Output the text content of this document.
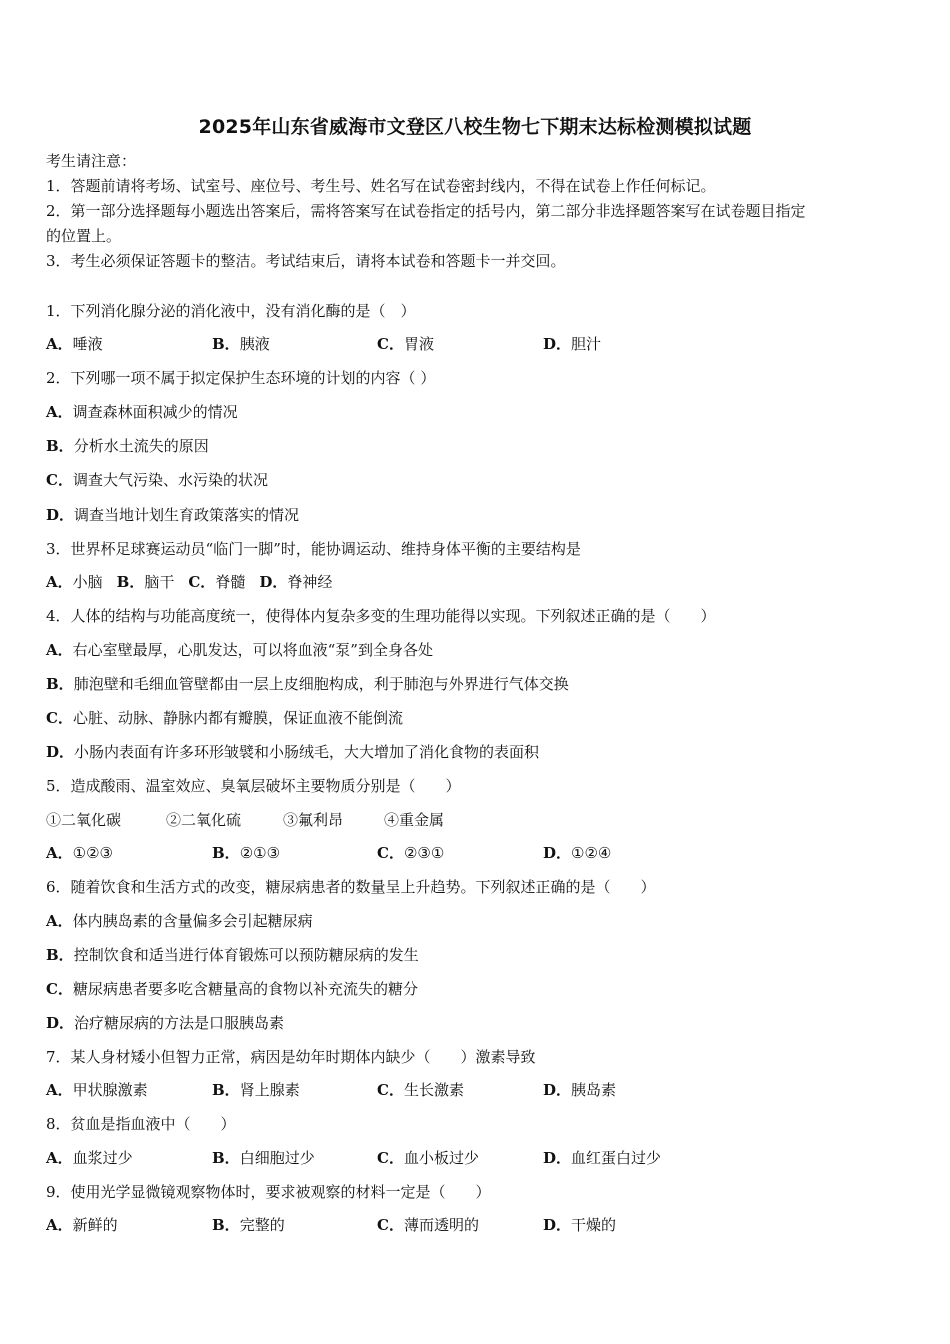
2025年山东省威海市文登区八校生物七下期末达标检测模拟试题
考生请注意：
1．答题前请将考场、试室号、座位号、考生号、姓名写在试卷密封线内，不得在试卷上作任何标记。
2．第一部分选择题每小题选出答案后，需将答案写在试卷指定的括号内，第二部分非选择题答案写在试卷题目指定
的位置上。
3．考生必须保证答题卡的整洁。考试结束后，请将本试卷和答题卡一并交回。
1．下列消化腺分泌的消化液中，没有消化酶的是（　）
A．唾液	B．胰液	C．胃液	D．胆汁
2．下列哪一项不属于拟定保护生态环境的计划的内容（ ）
A．调查森林面积减少的情况
B．分析水土流失的原因
C．调查大气污染、水污染的状况
D．调查当地计划生育政策落实的情况
3．世界杯足球赛运动员“临门一脚”时，能协调运动、维持身体平衡的主要结构是
A．小脑 B．脑干 C．脊髓 D．脊神经
4．人体的结构与功能高度统一，使得体内复杂多变的生理功能得以实现。下列叙述正确的是（　　）
A．右心室壁最厚，心肌发达，可以将血液“泵”到全身各处
B．肺泡壁和毛细血管壁都由一层上皮细胞构成，利于肺泡与外界进行气体交换
C．心脏、动脉、静脉内都有瓣膜，保证血液不能倒流
D．小肠内表面有许多环形皱襞和小肠绒毛，大大增加了消化食物的表面积
5．造成酸雨、温室效应、臭氧层破坏主要物质分别是（　　）
①二氧化碳	②二氧化硫	③氟利昂	④重金属
A．①②③	B．②①③	C．②③①	D．①②④
6．随着饮食和生活方式的改变，糖尿病患者的数量呈上升趋势。下列叙述正确的是（　　）
A．体内胰岛素的含量偏多会引起糖尿病
B．控制饮食和适当进行体育锻炼可以预防糖尿病的发生
C．糖尿病患者要多吃含糖量高的食物以补充流失的糖分
D．治疗糖尿病的方法是口服胰岛素
7．某人身材矮小但智力正常，病因是幼年时期体内缺少（　　）激素导致
A．甲状腺激素	B．肾上腺素	C．生长激素	D．胰岛素
8．贫血是指血液中（　　）
A．血浆过少	B．白细胞过少	C．血小板过少	D．血红蛋白过少
9．使用光学显微镜观察物体时，要求被观察的材料一定是（　　）
A．新鲜的	B．完整的	C．薄而透明的	D．干燥的
